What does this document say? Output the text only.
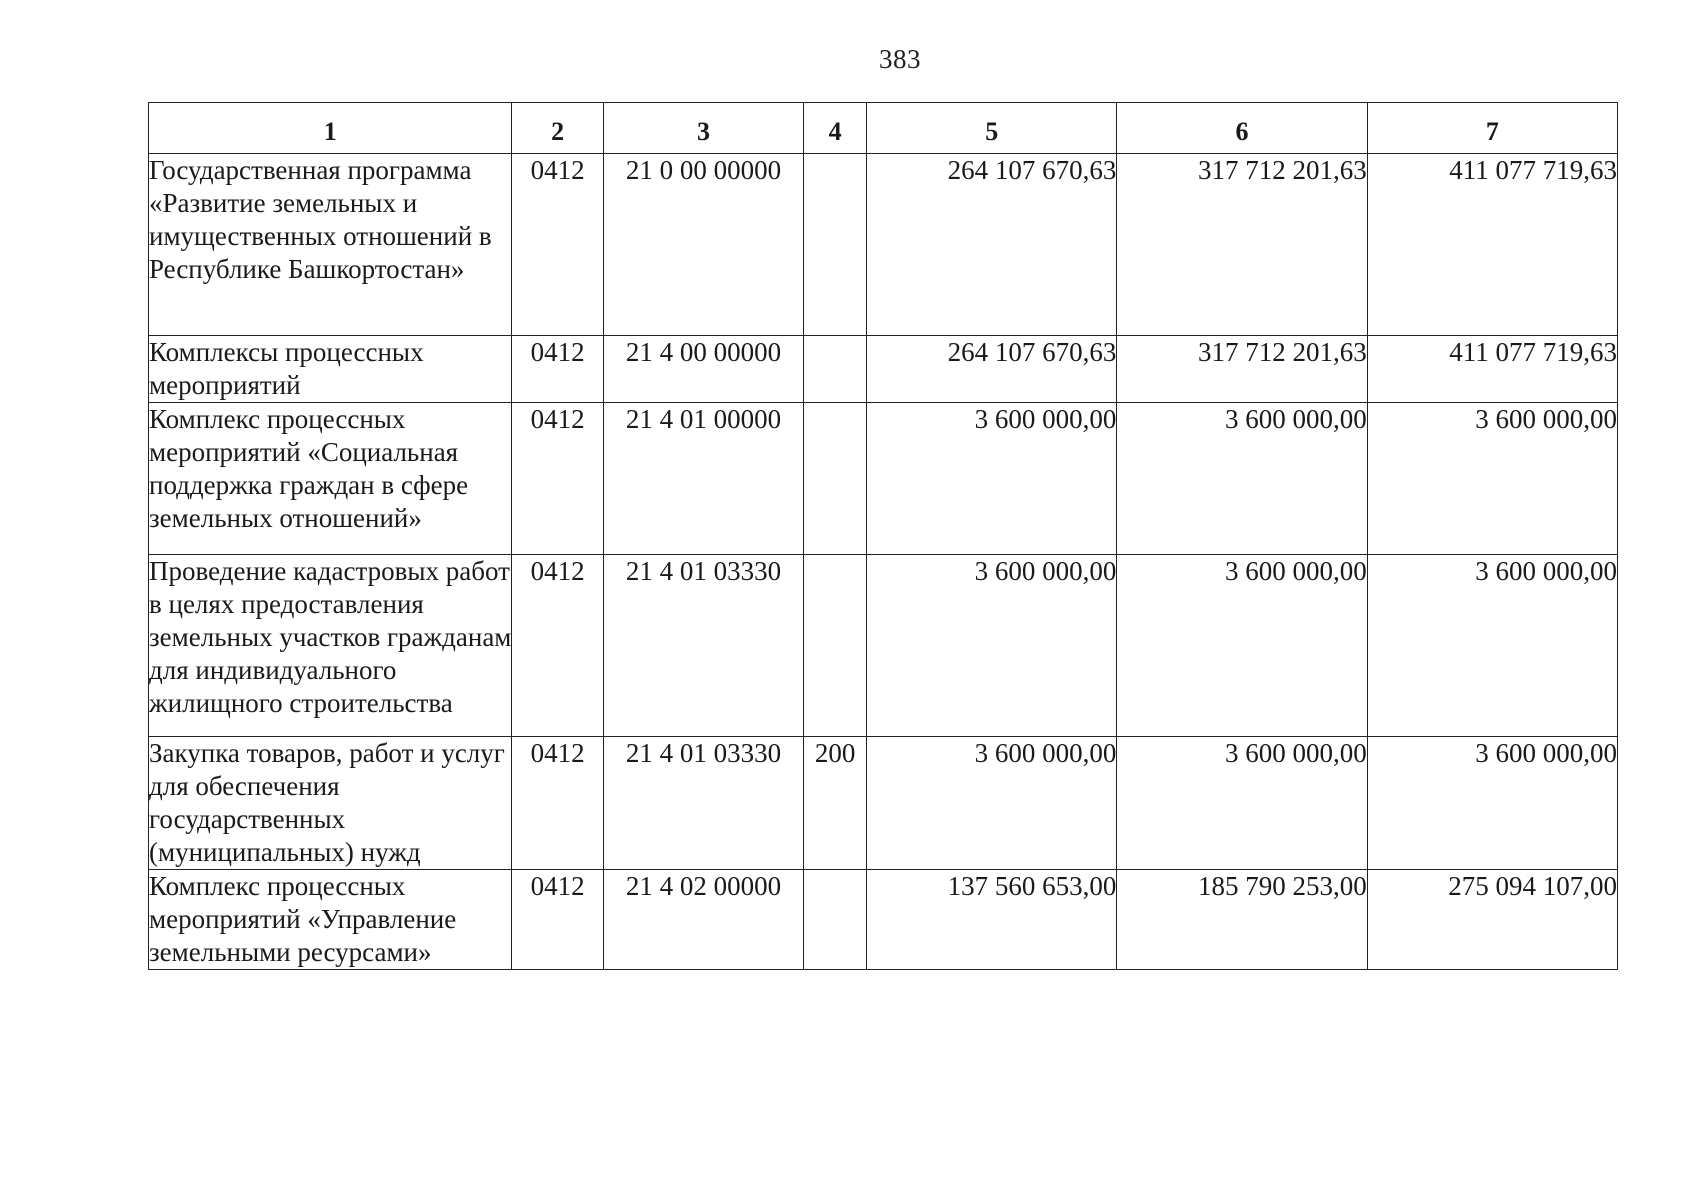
383
1	2	3	4	5	6	7
Государственная программа «Развитие земельных и имущественных отношений в Республике Башкортостан»	0412	21 0 00 00000		264 107 670,63	317 712 201,63	411 077 719,63
Комплексы процессных мероприятий	0412	21 4 00 00000		264 107 670,63	317 712 201,63	411 077 719,63
Комплекс процессных мероприятий «Социальная поддержка граждан в сфере земельных отношений»	0412	21 4 01 00000		3 600 000,00	3 600 000,00	3 600 000,00
Проведение кадастровых работ в целях предоставления земельных участков гражданам для индивидуального жилищного строительства	0412	21 4 01 03330		3 600 000,00	3 600 000,00	3 600 000,00
Закупка товаров, работ и услуг для обеспечения государственных (муниципальных) нужд	0412	21 4 01 03330	200	3 600 000,00	3 600 000,00	3 600 000,00
Комплекс процессных мероприятий «Управление земельными ресурсами»	0412	21 4 02 00000		137 560 653,00	185 790 253,00	275 094 107,00
